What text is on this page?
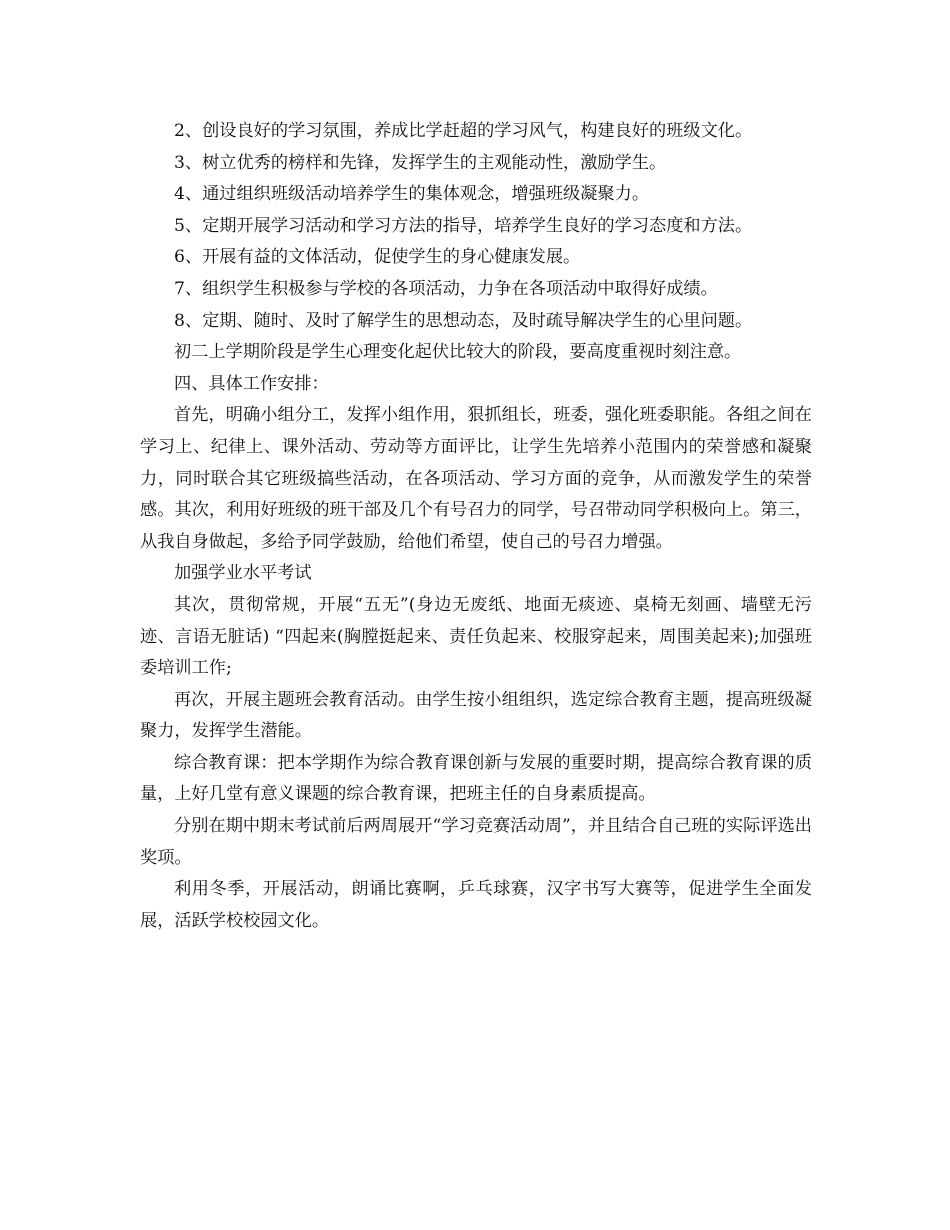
2、创设良好的学习氛围，养成比学赶超的学习风气，构建良好的班级文化。

3、树立优秀的榜样和先锋，发挥学生的主观能动性，激励学生。

4、通过组织班级活动培养学生的集体观念，增强班级凝聚力。

5、定期开展学习活动和学习方法的指导，培养学生良好的学习态度和方法。

6、开展有益的文体活动，促使学生的身心健康发展。

7、组织学生积极参与学校的各项活动，力争在各项活动中取得好成绩。

8、定期、随时、及时了解学生的思想动态，及时疏导解决学生的心里问题。

初二上学期阶段是学生心理变化起伏比较大的阶段，要高度重视时刻注意。

四、具体工作安排：

首先，明确小组分工，发挥小组作用，狠抓组长，班委，强化班委职能。各组之间在学习上、纪律上、课外活动、劳动等方面评比，让学生先培养小范围内的荣誉感和凝聚力，同时联合其它班级搞些活动，在各项活动、学习方面的竞争，从而激发学生的荣誉感。其次，利用好班级的班干部及几个有号召力的同学，号召带动同学积极向上。第三，从我自身做起，多给予同学鼓励，给他们希望，使自己的号召力增强。

加强学业水平考试

其次，贯彻常规，开展“五无”(身边无废纸、地面无痰迹、桌椅无刻画、墙壁无污迹、言语无脏话) “四起来(胸膛挺起来、责任负起来、校服穿起来，周围美起来);加强班委培训工作;

再次，开展主题班会教育活动。由学生按小组组织，选定综合教育主题，提高班级凝聚力，发挥学生潜能。

综合教育课：把本学期作为综合教育课创新与发展的重要时期，提高综合教育课的质量，上好几堂有意义课题的综合教育课，把班主任的自身素质提高。

分别在期中期末考试前后两周展开“学习竞赛活动周”，并且结合自己班的实际评选出奖项。

利用冬季，开展活动，朗诵比赛啊，乒乓球赛，汉字书写大赛等，促进学生全面发展，活跃学校校园文化。
